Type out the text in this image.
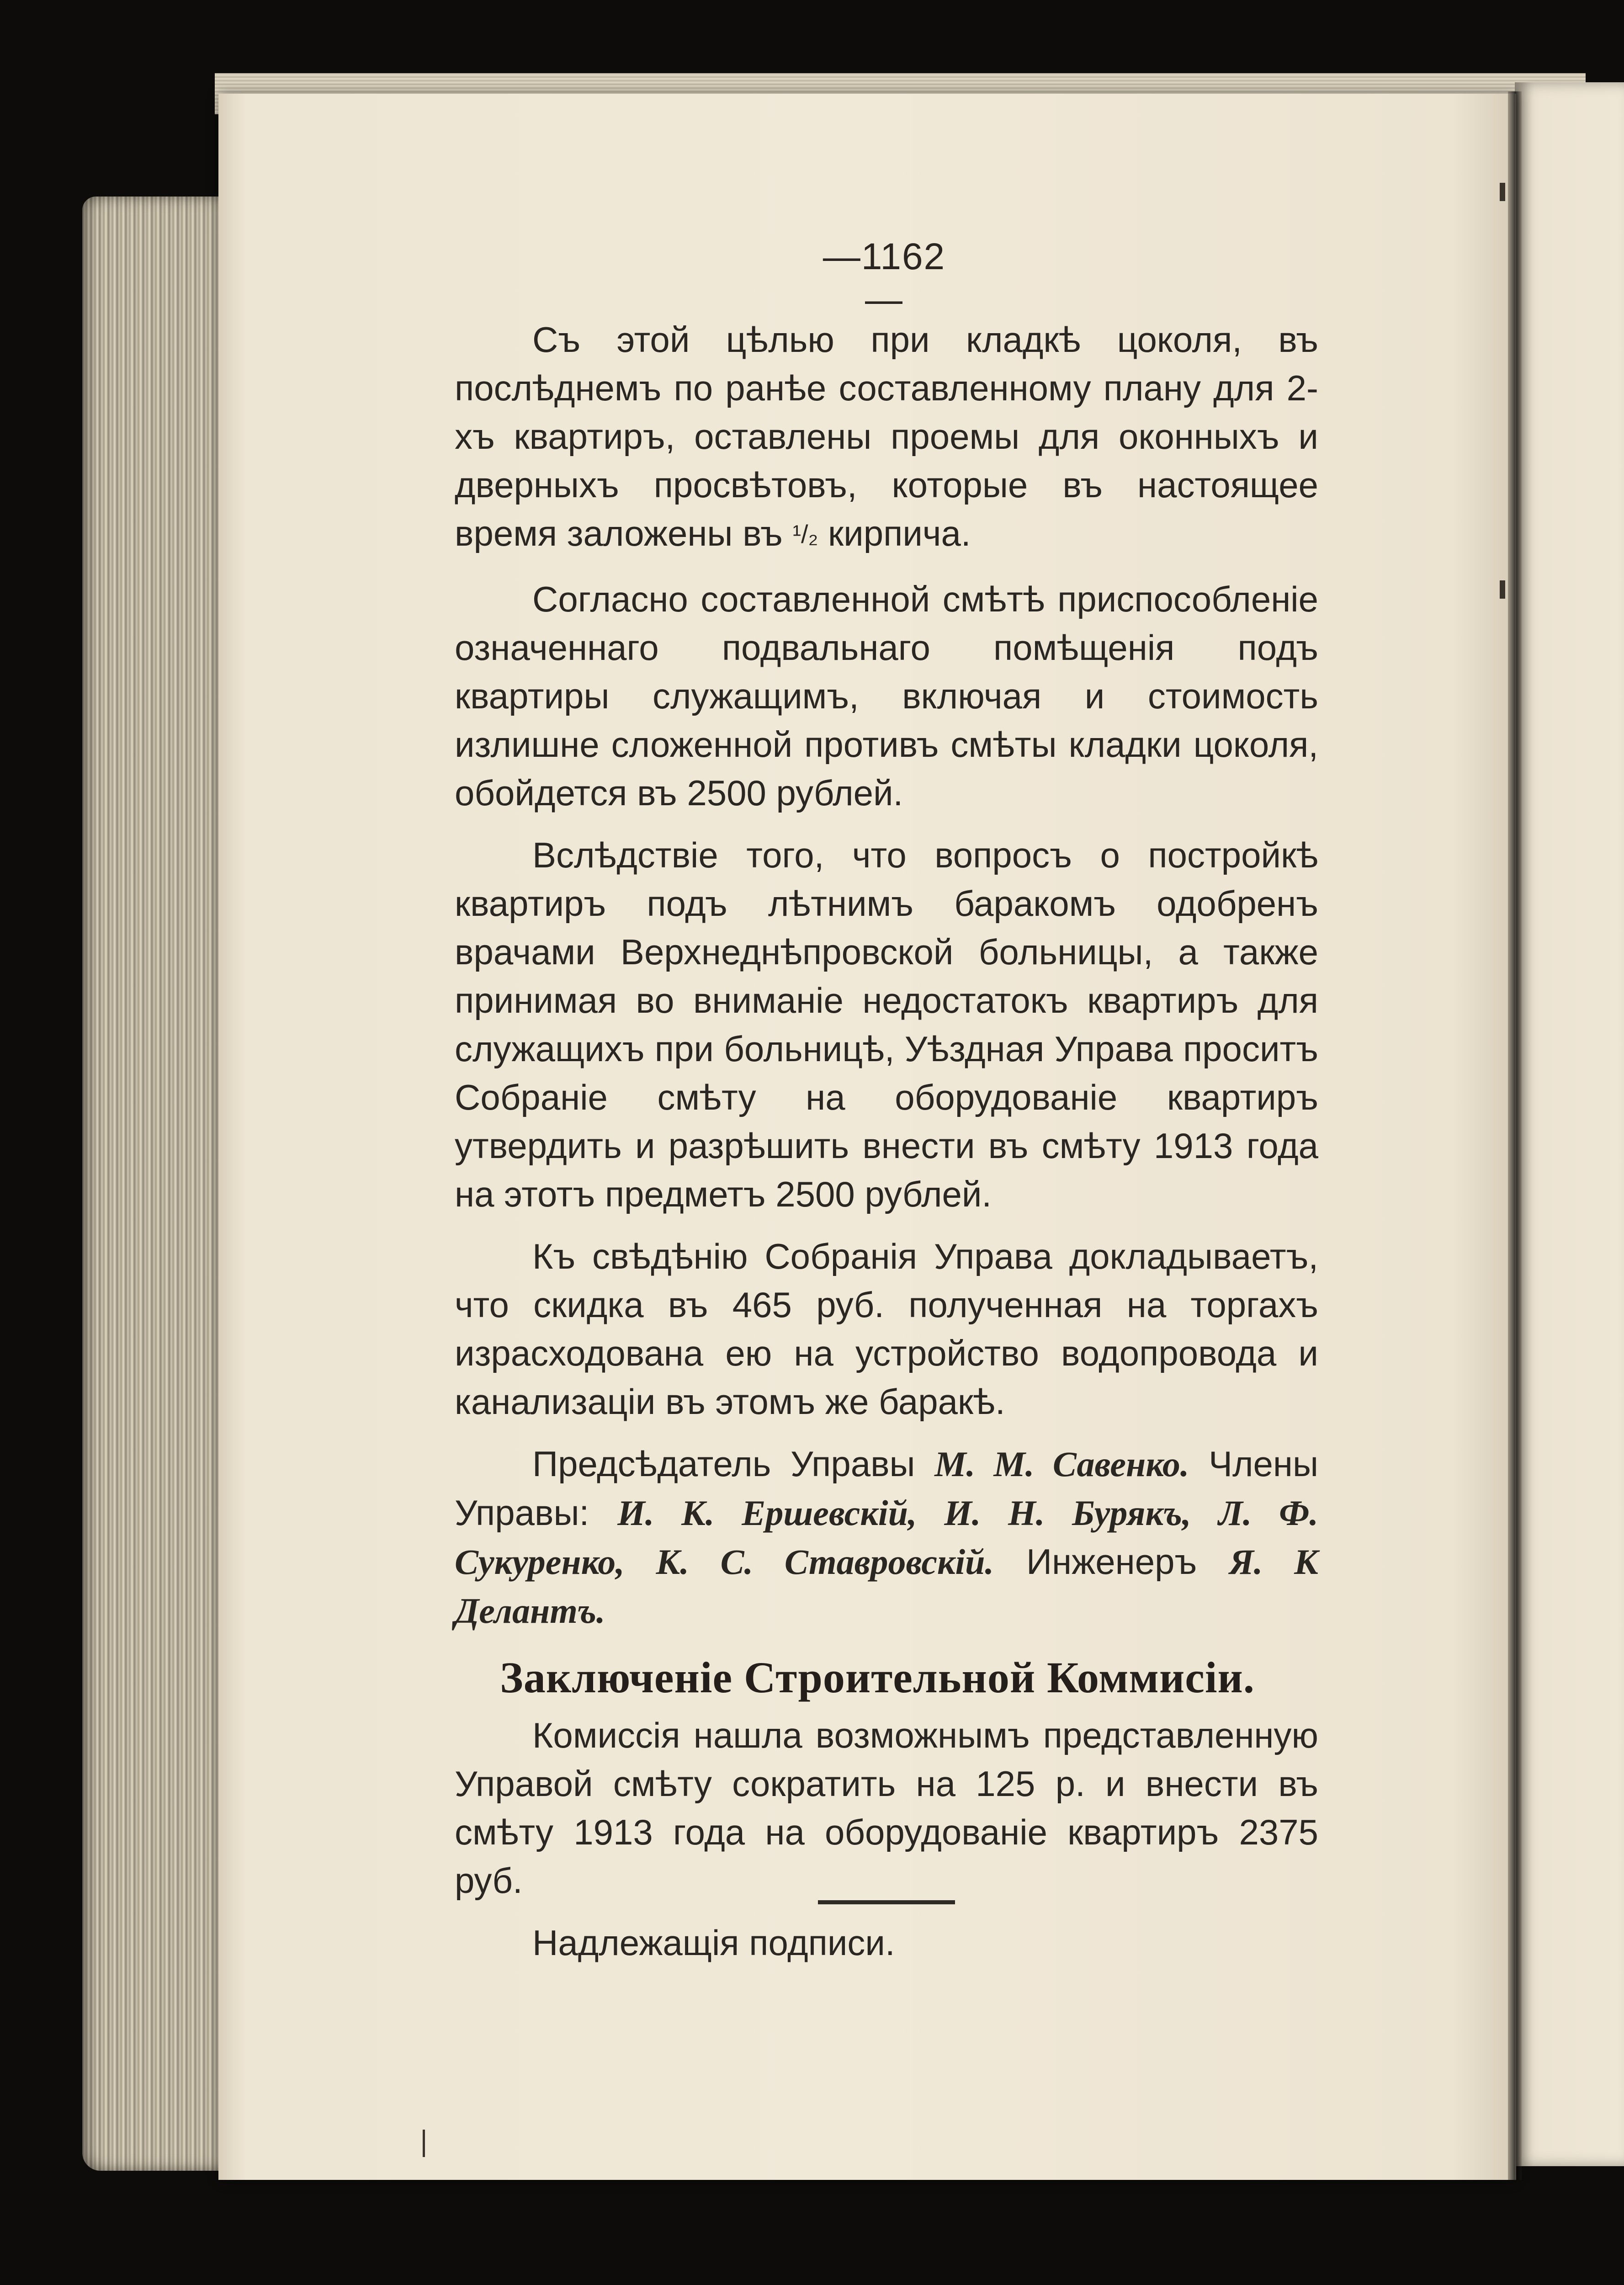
—1162—

Съ этой цѣлью при кладкѣ цоколя, въ послѣднемъ по ранѣе составленному плану для 2-хъ квартиръ, оставлены проемы для оконныхъ и дверныхъ просвѣтовъ, которые въ настоящее время заложены въ ¹/₂ кирпича.

Согласно составленной смѣтѣ приспособленіе означеннаго подвальнаго помѣщенія подъ квартиры служащимъ, включая и стоимость излишне сложенной противъ смѣты кладки цоколя, обойдется въ 2500 рублей.

Вслѣдствіе того, что вопросъ о постройкѣ квартиръ подъ лѣтнимъ баракомъ одобренъ врачами Верхнеднѣпровской больницы, а также принимая во вниманіе недостатокъ квартиръ для служащихъ при больницѣ, Уѣздная Управа проситъ Собраніе смѣту на оборудованіе квартиръ утвердить и разрѣшить внести въ смѣту 1913 года на этотъ предметъ 2500 рублей.

Къ свѣдѣнію Собранія Управа докладываетъ, что скидка въ 465 руб. полученная на торгахъ израсходована ею на устройство водопровода и канализаціи въ этомъ же баракѣ.

Предсѣдатель Управы М. М. Савенко. Члены Управы: И. К. Ершевскій, И. Н. Бурякъ, Л. Ф. Сукуренко, К. С. Ставровскій. Инженеръ Я. К Делантъ.

Заключеніе Строительной Коммисіи.

Комиссія нашла возможнымъ представленную Управой смѣту сократить на 125 р. и внести въ смѣту 1913 года на оборудованіе квартиръ 2375 руб.

Надлежащія подписи.
